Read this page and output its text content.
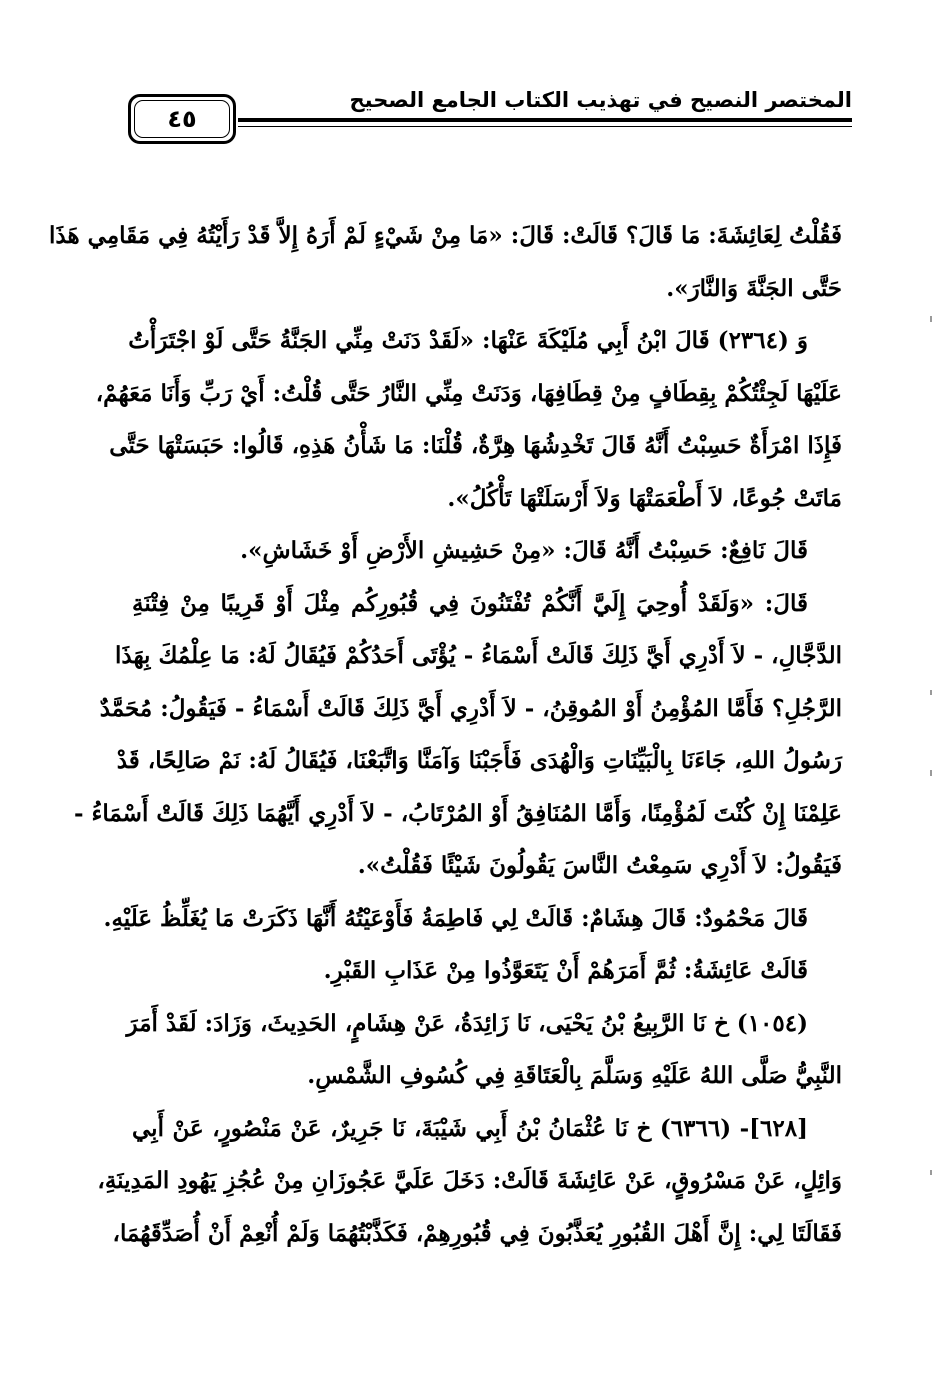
المختصر النصيح في تهذيب الكتاب الجامع الصحيح
٤٥
فَقُلْتُ لِعَائِشَةَ: مَا قَالَ؟ قَالَتْ: قَالَ: «مَا مِنْ شَيْءٍ لَمْ أَرَهُ إِلاَّ قَدْ رَأَيْتُهُ فِي مَقَامِي هَذَا
حَتَّى الجَنَّةَ وَالنَّارَ».
وَ (٢٣٦٤) قَالَ ابْنُ أَبِي مُلَيْكَةَ عَنْهَا: «لَقَدْ دَنَتْ مِنِّي الجَنَّةُ حَتَّى لَوْ اجْتَرَأْتُ
عَلَيْهَا لَجِئْتُكُمْ بِقِطَافٍ مِنْ قِطَافِهَا، وَدَنَتْ مِنِّي النَّارُ حَتَّى قُلْتُ: أَيْ رَبِّ وَأَنَا مَعَهُمْ،
فَإِذَا امْرَأَةٌ حَسِبْتُ أَنَّهُ قَالَ تَخْدِشُهَا هِرَّةٌ، قُلْنَا: مَا شَأْنُ هَذِهِ، قَالُوا: حَبَسَتْهَا حَتَّى
مَاتَتْ جُوعًا، لاَ أَطْعَمَتْهَا وَلاَ أَرْسَلَتْهَا تَأْكُلُ».
قَالَ نَافِعٌ: حَسِبْتُ أَنَّهُ قَالَ: «مِنْ حَشِيشِ الأَرْضِ أَوْ خَشَاشِ».
قَالَ: «وَلَقَدْ أُوحِيَ إِلَيَّ أَنَّكُمْ تُفْتَنُونَ فِي قُبُورِكُم مِثْلَ أَوْ قَرِيبًا مِنْ فِتْنَةِ
الدَّجَّالِ، - لاَ أَدْرِي أَيَّ ذَلِكَ قَالَتْ أَسْمَاءُ - يُؤْتَى أَحَدُكُمْ فَيُقَالُ لَهُ: مَا عِلْمُكَ بِهَذَا
الرَّجُلِ؟ فَأَمَّا المُؤْمِنُ أَوْ المُوقِنُ، - لاَ أَدْرِي أَيَّ ذَلِكَ قَالَتْ أَسْمَاءُ - فَيَقُولُ: مُحَمَّدٌ
رَسُولُ اللهِ، جَاءَنَا بِالْبَيِّنَاتِ وَالْهُدَى فَأَجَبْنَا وَآمَنَّا وَاتَّبَعْنَا، فَيُقَالُ لَهُ: نَمْ صَالِحًا، قَدْ
عَلِمْنَا إِنْ كُنْتَ لَمُؤْمِنًا، وَأَمَّا المُنَافِقُ أَوْ المُرْتَابُ، - لاَ أَدْرِي أَيَّهُمَا ذَلِكَ قَالَتْ أَسْمَاءُ -
فَيَقُولُ: لاَ أَدْرِي سَمِعْتُ النَّاسَ يَقُولُونَ شَيْئًا فَقُلْتُ».
قَالَ مَحْمُودٌ: قَالَ هِشَامٌ: قَالَتْ لِي فَاطِمَةُ فَأَوْعَيْتُهُ أَنَّهَا ذَكَرَتْ مَا يُغَلِّظُ عَلَيْهِ.
قَالَتْ عَائِشَةُ: ثُمَّ أَمَرَهُمْ أَنْ يَتَعَوَّذُوا مِنْ عَذَابِ القَبْرِ.
(١٠٥٤) خ نَا الرَّبِيعُ بْنُ يَحْيَى، نَا زَائِدَةُ، عَنْ هِشَامٍ، الحَدِيثَ، وَزَادَ: لَقَدْ أَمَرَ
النَّبِيُّ صَلَّى اللهُ عَلَيْهِ وَسَلَّمَ بِالْعَتَاقَةِ فِي كُسُوفِ الشَّمْسِ.
[٦٢٨]- (٦٣٦٦) خ نَا عُثْمَانُ بْنُ أَبِي شَيْبَةَ، نَا جَرِيرٌ، عَنْ مَنْصُورٍ، عَنْ أَبِي
وَائِلٍ، عَنْ مَسْرُوقٍ، عَنْ عَائِشَةَ قَالَتْ: دَخَلَ عَلَيَّ عَجُوزَانِ مِنْ عُجُزِ يَهُودِ المَدِينَةِ،
فَقَالَتَا لِي: إِنَّ أَهْلَ القُبُورِ يُعَذَّبُونَ فِي قُبُورِهِمْ، فَكَذَّبْتُهُمَا وَلَمْ أُنْعِمْ أَنْ أُصَدِّقَهُمَا،
